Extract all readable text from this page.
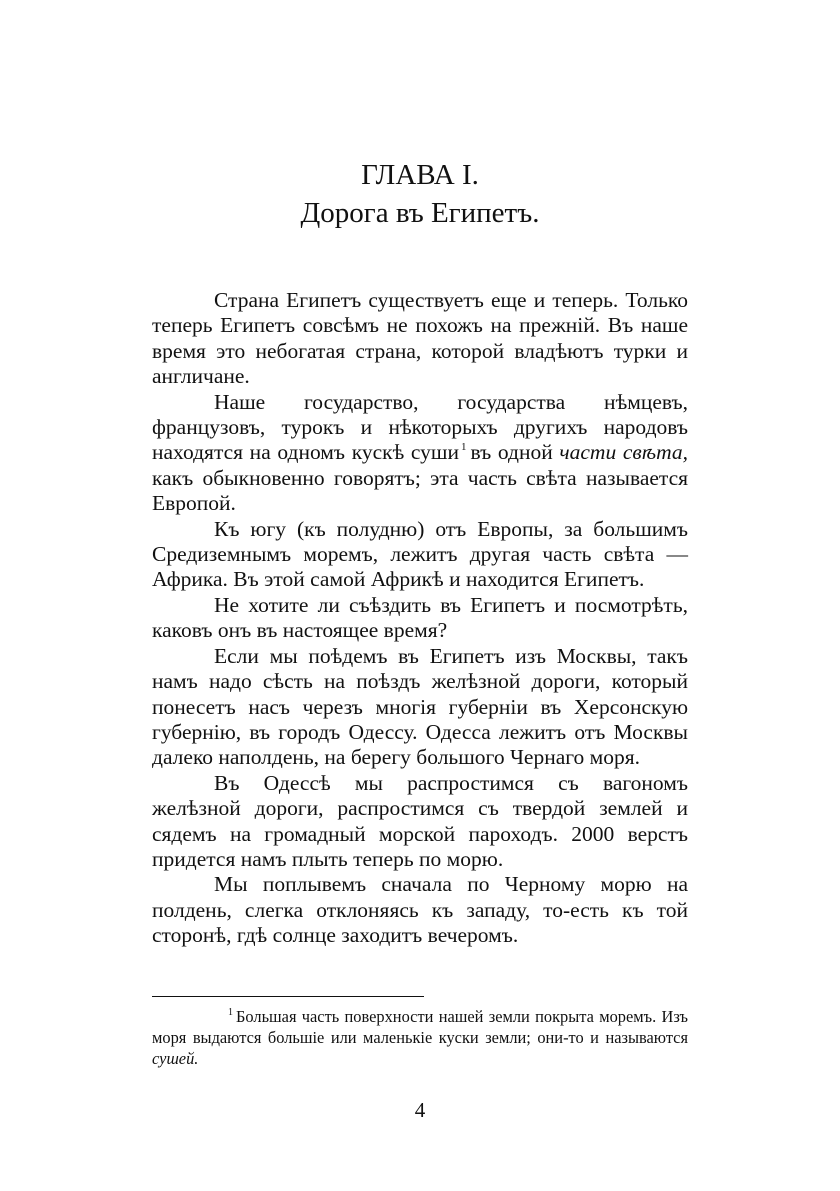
ГЛАВА I.
Дорога въ Египетъ.

Страна Египетъ существуетъ еще и теперь. Только теперь Египетъ совсѣмъ не похожъ на прежнiй. Въ наше время это небогатая страна, которой владѣютъ турки и англичане.

Наше государство, государства нѣмцевъ, французовъ, турокъ и нѣкоторыхъ другихъ народовъ находятся на одномъ кускѣ суши $^1$ въ одной части свѣта, какъ обыкновенно говорятъ; эта часть свѣта называется Европой.

Къ югу (къ полудню) отъ Европы, за большимъ Средиземнымъ моремъ, лежитъ другая часть свѣта — Африка. Въ этой самой Африкѣ и находится Египетъ.

Не хотите ли съѣздить въ Египетъ и посмотрѣть, каковъ онъ въ настоящее время?

Если мы поѣдемъ въ Египетъ изъ Москвы, такъ намъ надо сѣсть на поѣздъ желѣзной дороги, который понесетъ насъ черезъ многiя губернiи въ Херсонскую губернiю, въ городъ Одессу. Одесса лежитъ отъ Москвы далеко наполдень, на берегу большого Чернаго моря.

Въ Одессѣ мы распростимся съ вагономъ желѣзной дороги, распростимся съ твердой землей и сядемъ на громадный морской пароходъ. 2000 верстъ придется намъ плыть теперь по морю.

Мы поплывемъ сначала по Черному морю на полдень, слегка отклоняясь къ западу, то-есть къ той сторонѣ, гдѣ солнце заходитъ вечеромъ.

$^1$ Большая часть поверхности нашей земли покрыта моремъ. Изъ моря выдаются большiе или маленькiе куски земли; они-то и называются сушей.

4
